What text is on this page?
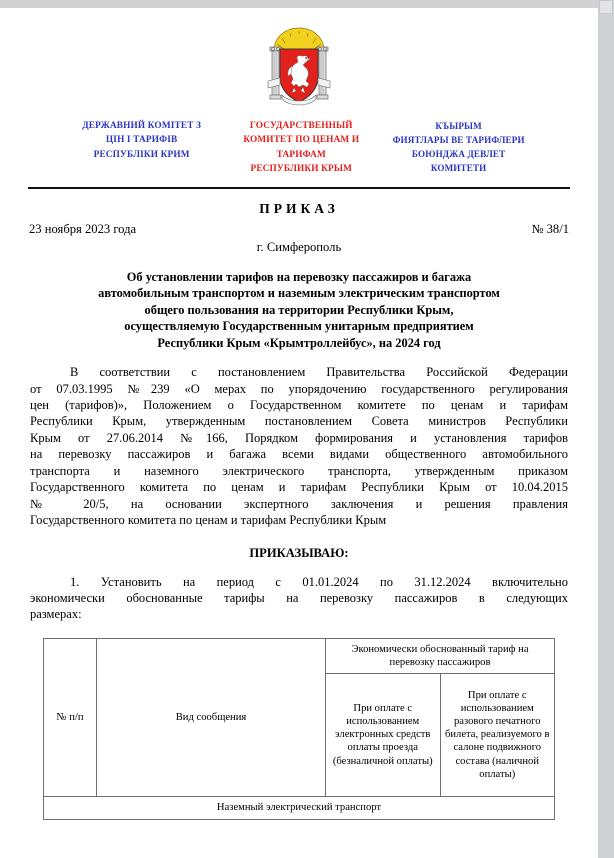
ДЕРЖАВНИЙ КОМІТЕТ З
ЦІН І ТАРИФІВ
РЕСПУБЛІКИ КРИМ
ГОСУДАРСТВЕННЫЙ
КОМИТЕТ ПО ЦЕНАМ И
ТАРИФАМ
РЕСПУБЛИКИ КРЫМ
КЪЫРЫМ
ФИЯТЛАРЫ ВЕ ТАРИФЛЕРИ
БОЮНДЖА ДЕВЛЕТ
КОМИТЕТИ
ПРИКАЗ
23 ноября 2023 года	№ 38/1
г. Симферополь
Об установлении тарифов на перевозку пассажиров и багажа
автомобильным транспортом и наземным электрическим транспортом
общего пользования на территории Республики Крым,
осуществляемую Государственным унитарным предприятием
Республики Крым «Крымтроллейбус», на 2024 год
В соответствии с постановлением Правительства Российской Федерации
от 07.03.1995 №239 «О мерах по упорядочению государственного регулирования
цен (тарифов)», Положением о Государственном комитете по ценам и тарифам
Республики Крым, утвержденным постановлением Совета министров Республики
Крым от 27.06.2014 №166, Порядком формирования и установления тарифов
на перевозку пассажиров и багажа всеми видами общественного автомобильного
транспорта и наземного электрического транспорта, утвержденным приказом
Государственного комитета по ценам и тарифам Республики Крым от 10.04.2015
№ 20/5, на основании экспертного заключения и решения правления
Государственного комитета по ценам и тарифам Республики Крым
ПРИКАЗЫВАЮ:
1. Установить на период с 01.01.2024 по 31.12.2024 включительно
экономически обоснованные тарифы на перевозку пассажиров в следующих
размерах:
№ п/п	Вид сообщения	Экономически обоснованный тариф на перевозку пассажиров	
		При оплате с использованием электронных средств оплаты проезда (безналичной оплаты)	При оплате с использованием разового печатного билета, реализуемого в салоне подвижного состава (наличной оплаты)
Наземный электрический транспорт			
